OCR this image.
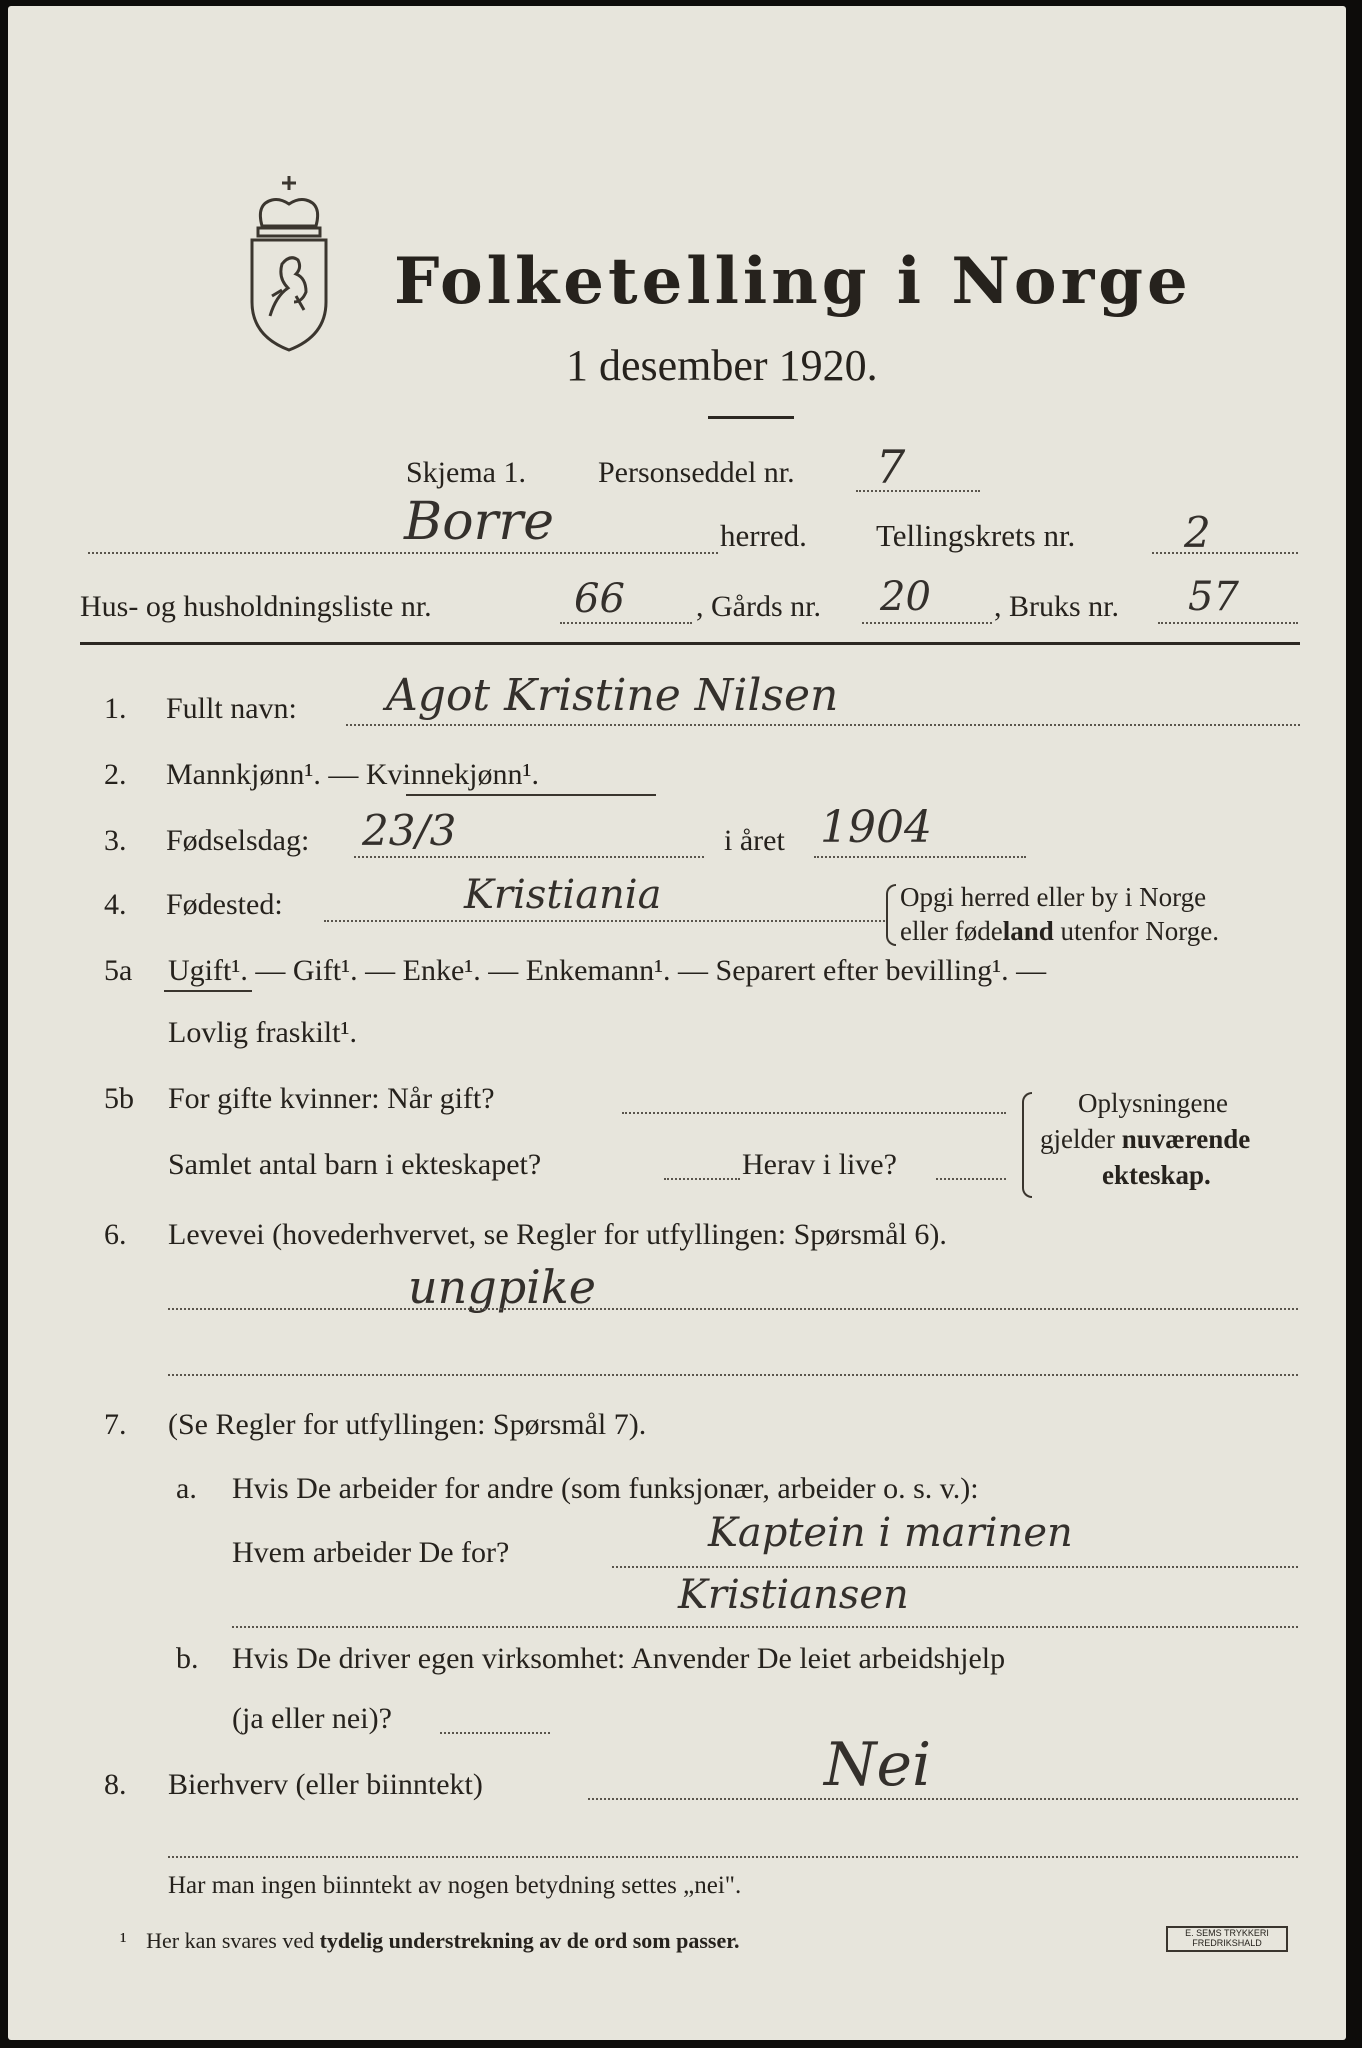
Folketelling i Norge
1 desember 1920.
Skjema 1. Personseddel nr. 7
Borre	herred. Tellingskrets nr.	2
Hus- og husholdningsliste nr.	66 , Gårds nr. 20 , Bruks nr. 57
1. Fullt navn: Agot Kristine Nilsen
2. Mannkjønn¹. — Kvinnekjønn¹.
3. Fødselsdag: 23/3	i året 1904
4. Fødested:	Kristiania	Opgi herred eller by i Norge
eller fødeland utenfor Norge.
5a Ugift¹. — Gift¹. — Enke¹. — Enkemann¹. — Separert efter bevilling¹. —
Lovlig fraskilt¹.
5b For gifte kvinner: Når gift?
Samlet antal barn i ekteskapet?	Herav i live?
Oplysningene
gjelder nuværende
ekteskap.
6. Levevei (hovederhvervet, se Regler for utfyllingen: Spørsmål 6).
ungpike
7. (Se Regler for utfyllingen: Spørsmål 7).
a. Hvis De arbeider for andre (som funksjonær, arbeider o. s. v.):
Hvem arbeider De for?	Kaptein i marinen
Kristiansen
b. Hvis De driver egen virksomhet: Anvender De leiet arbeidshjelp
(ja eller nei)?
8. Bierhverv (eller biinntekt)	Nei
Har man ingen biinntekt av nogen betydning settes „nei".
¹ Her kan svares ved tydelig understrekning av de ord som passer.	E. SEMS TRYKKERI
FREDRIKSHALD
